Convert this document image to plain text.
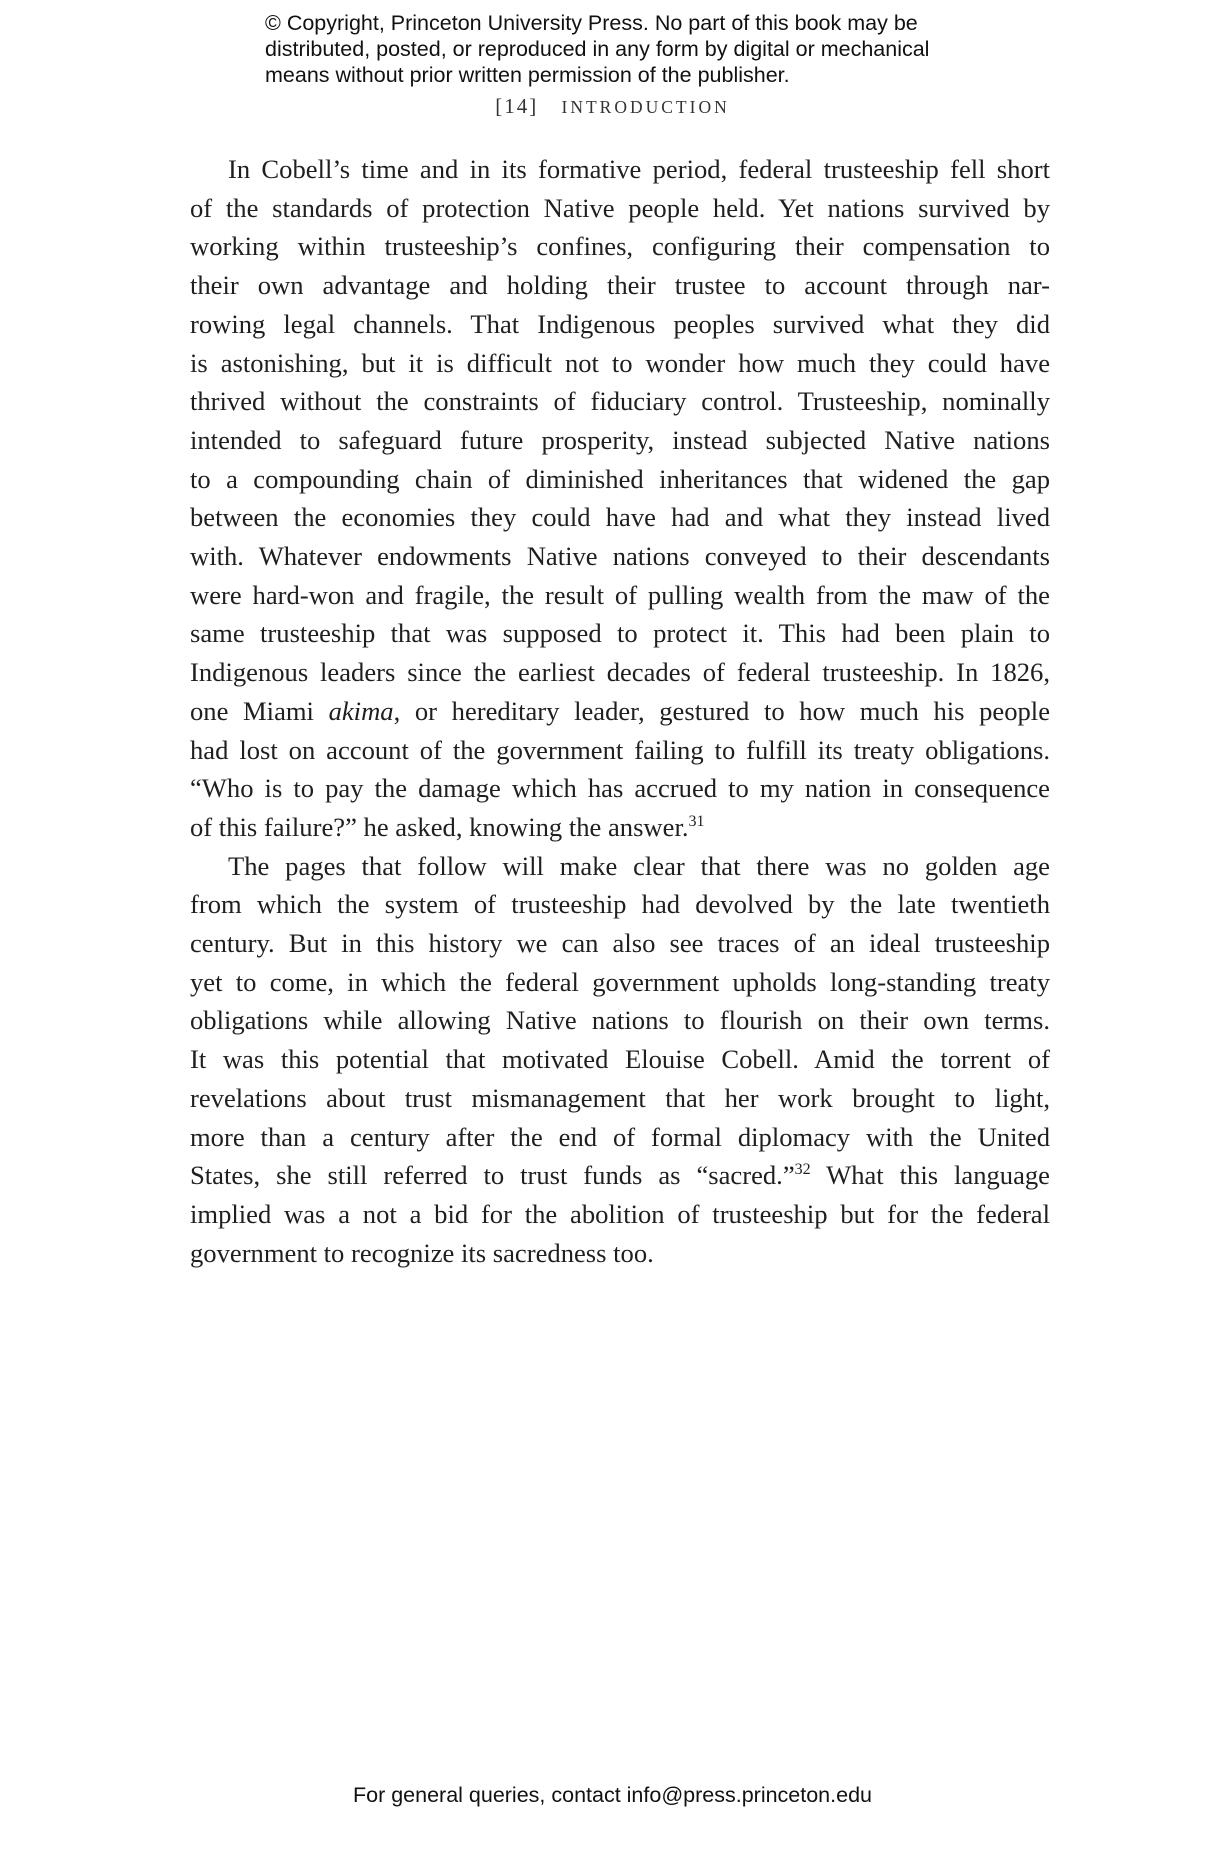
© Copyright, Princeton University Press. No part of this book may be
distributed, posted, or reproduced in any form by digital or mechanical
means without prior written permission of the publisher.
[14] INTRODUCTION
In Cobell’s time and in its formative period, federal trusteeship fell short
of the standards of protection Native people held. Yet nations survived by
working within trusteeship’s confines, configuring their compensation to
their own advantage and holding their trustee to account through nar-
rowing legal channels. That Indigenous peoples survived what they did
is astonishing, but it is difficult not to wonder how much they could have
thrived without the constraints of fiduciary control. Trusteeship, nominally
intended to safeguard future prosperity, instead subjected Native nations
to a compounding chain of diminished inheritances that widened the gap
between the economies they could have had and what they instead lived
with. Whatever endowments Native nations conveyed to their descendants
were hard-won and fragile, the result of pulling wealth from the maw of the
same trusteeship that was supposed to protect it. This had been plain to
Indigenous leaders since the earliest decades of federal trusteeship. In 1826,
one Miami akima, or hereditary leader, gestured to how much his people
had lost on account of the government failing to fulfill its treaty obligations.
“Who is to pay the damage which has accrued to my nation in consequence
of this failure?” he asked, knowing the answer.$^{31}$
The pages that follow will make clear that there was no golden age
from which the system of trusteeship had devolved by the late twentieth
century. But in this history we can also see traces of an ideal trusteeship
yet to come, in which the federal government upholds long-standing treaty
obligations while allowing Native nations to flourish on their own terms.
It was this potential that motivated Elouise Cobell. Amid the torrent of
revelations about trust mismanagement that her work brought to light,
more than a century after the end of formal diplomacy with the United
States, she still referred to trust funds as “sacred.”$^{32}$ What this language
implied was a not a bid for the abolition of trusteeship but for the federal
government to recognize its sacredness too.
For general queries, contact info@press.princeton.edu
